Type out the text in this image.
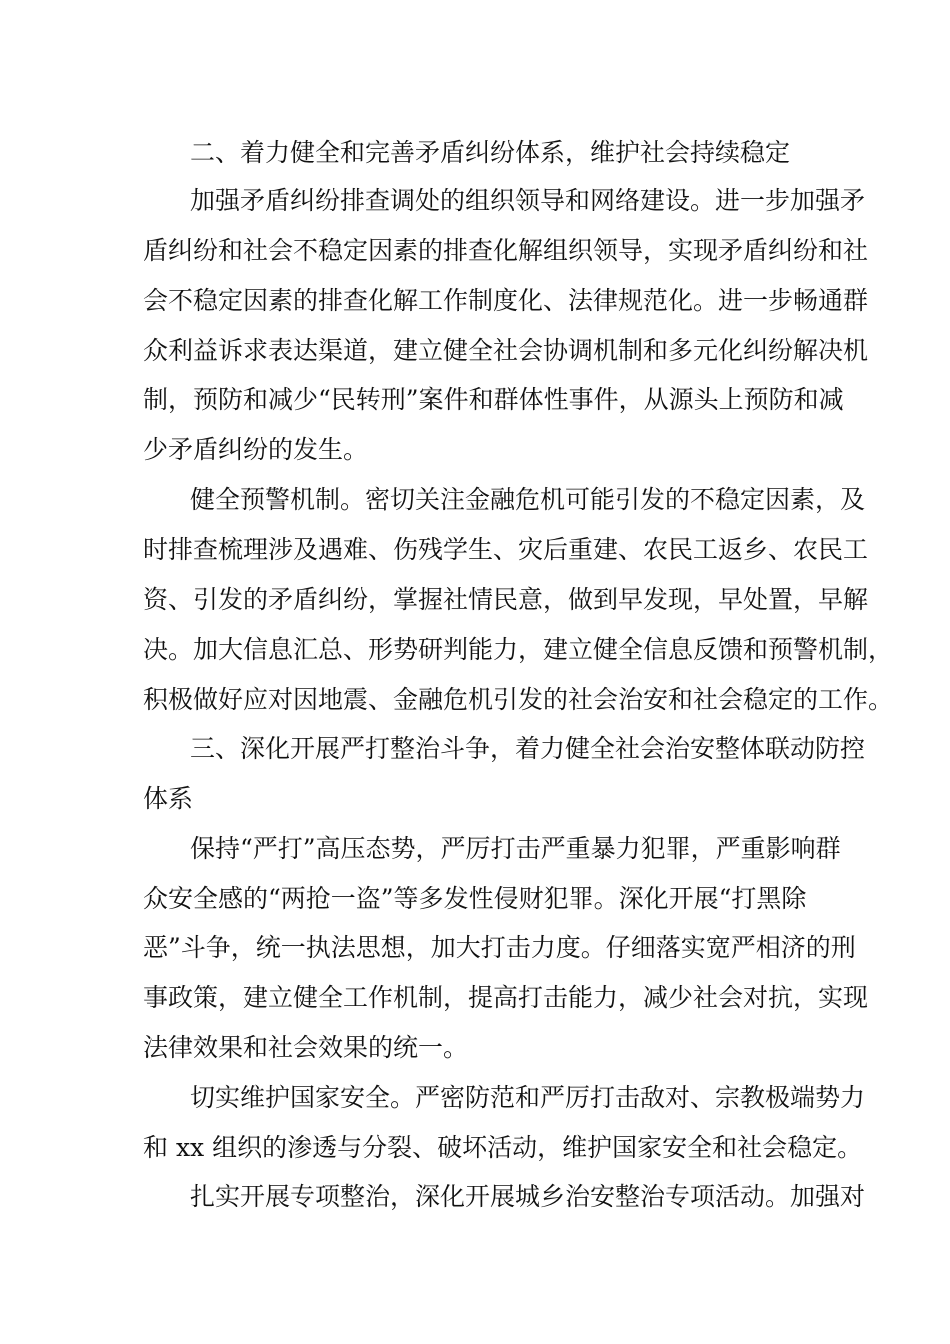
二、着力健全和完善矛盾纠纷体系，维护社会持续稳定
加强矛盾纠纷排查调处的组织领导和网络建设。进一步加强矛
盾纠纷和社会不稳定因素的排查化解组织领导，实现矛盾纠纷和社
会不稳定因素的排查化解工作制度化、法律规范化。进一步畅通群
众利益诉求表达渠道，建立健全社会协调机制和多元化纠纷解决机
制，预防和减少“民转刑”案件和群体性事件，从源头上预防和减
少矛盾纠纷的发生。
健全预警机制。密切关注金融危机可能引发的不稳定因素，及
时排查梳理涉及遇难、伤残学生、灾后重建、农民工返乡、农民工
资、引发的矛盾纠纷，掌握社情民意，做到早发现，早处置，早解
决。加大信息汇总、形势研判能力，建立健全信息反馈和预警机制，
积极做好应对因地震、金融危机引发的社会治安和社会稳定的工作。
三、深化开展严打整治斗争，着力健全社会治安整体联动防控
体系
保持“严打”高压态势，严厉打击严重暴力犯罪，严重影响群
众安全感的“两抢一盗”等多发性侵财犯罪。深化开展“打黑除
恶”斗争，统一执法思想，加大打击力度。仔细落实宽严相济的刑
事政策，建立健全工作机制，提高打击能力，减少社会对抗，实现
法律效果和社会效果的统一。
切实维护国家安全。严密防范和严厉打击敌对、宗教极端势力
和 xx 组织的渗透与分裂、破坏活动，维护国家安全和社会稳定。
扎实开展专项整治，深化开展城乡治安整治专项活动。加强对
